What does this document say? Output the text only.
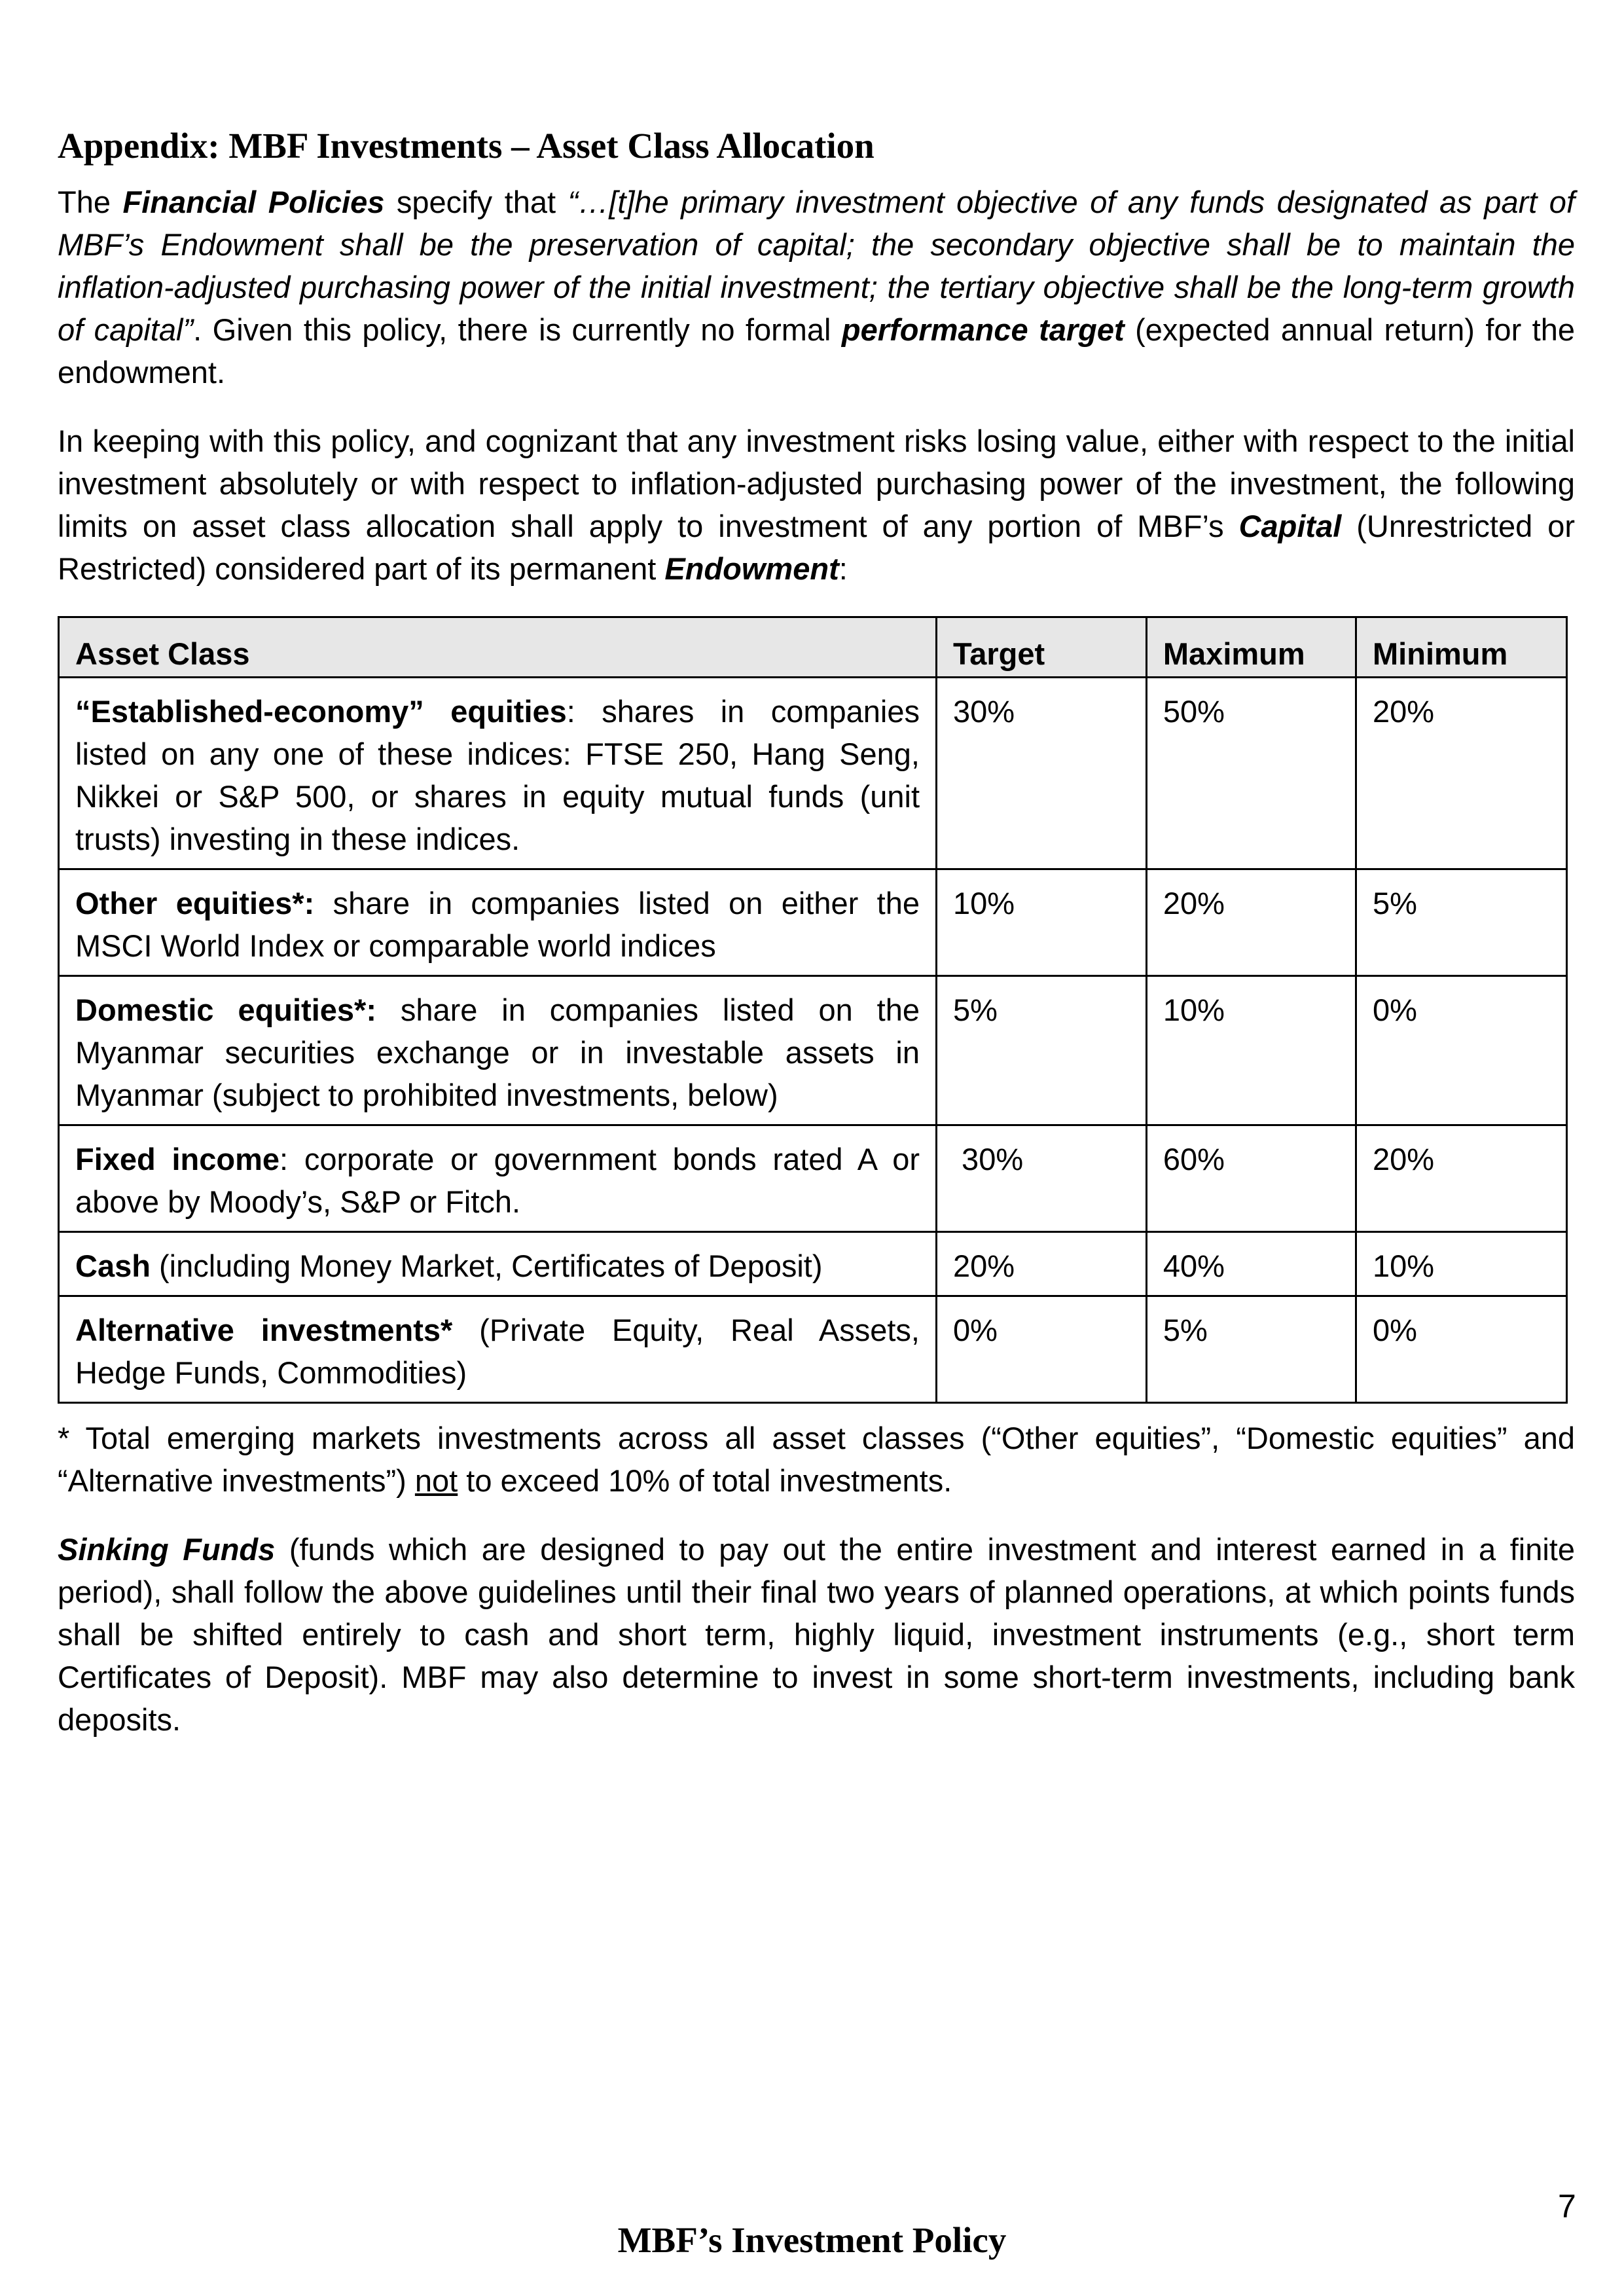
Appendix: MBF Investments – Asset Class Allocation

The Financial Policies specify that “…[t]he primary investment objective of any funds designated as part of MBF’s Endowment shall be the preservation of capital; the secondary objective shall be to maintain the inflation-adjusted purchasing power of the initial investment; the tertiary objective shall be the long-term growth of capital”. Given this policy, there is currently no formal performance target (expected annual return) for the endowment.

In keeping with this policy, and cognizant that any investment risks losing value, either with respect to the initial investment absolutely or with respect to inflation-adjusted purchasing power of the investment, the following limits on asset class allocation shall apply to investment of any portion of MBF’s Capital (Unrestricted or Restricted) considered part of its permanent Endowment:

Asset Class	Target	Maximum	Minimum
“Established-economy” equities: shares in companies listed on any one of these indices: FTSE 250, Hang Seng, Nikkei or S&P 500, or shares in equity mutual funds (unit trusts) investing in these indices.	30%	50%	20%
Other equities*: share in companies listed on either the MSCI World Index or comparable world indices	10%	20%	5%
Domestic equities*: share in companies listed on the Myanmar securities exchange or in investable assets in Myanmar (subject to prohibited investments, below)	5%	10%	0%
Fixed income: corporate or government bonds rated A or above by Moody’s, S&P or Fitch.	30%	60%	20%
Cash (including Money Market, Certificates of Deposit)	20%	40%	10%
Alternative investments* (Private Equity, Real Assets, Hedge Funds, Commodities)	0%	5%	0%

* Total emerging markets investments across all asset classes (“Other equities”, “Domestic equities” and “Alternative investments”) not to exceed 10% of total investments.

Sinking Funds (funds which are designed to pay out the entire investment and interest earned in a finite period), shall follow the above guidelines until their final two years of planned operations, at which points funds shall be shifted entirely to cash and short term, highly liquid, investment instruments (e.g., short term Certificates of Deposit). MBF may also determine to invest in some short-term investments, including bank deposits.

7
MBF’s Investment Policy
